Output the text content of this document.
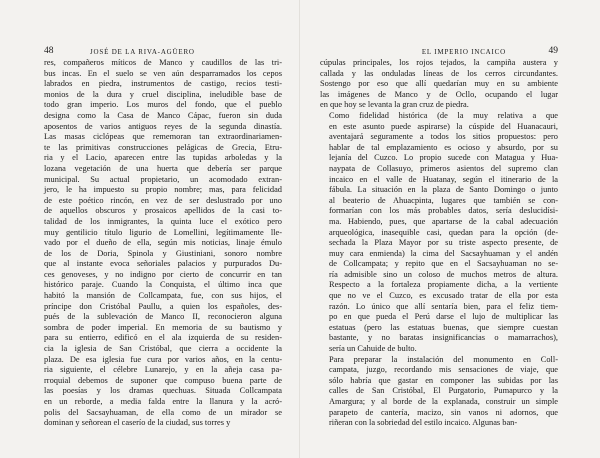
48	JOSÉ DE LA RIVA-AGÜERO

res, compañeros míticos de Manco y caudillos de las tri-
bus incas. En el suelo se ven aún desparramados los cepos
labrados en piedra, instrumentos de castigo, recios testi-
monios de la dura y cruel disciplina, ineludible base de
todo gran imperio. Los muros del fondo, que el pueblo
designa como la Casa de Manco Cápac, fueron sin duda
aposentos de varios antiguos reyes de la segunda dinastía.
Las masas ciclópeas que rememoran tan extraordinariamen-
te las primitivas construcciones pelágicas de Grecia, Etru-
ria y el Lacio, aparecen entre las tupidas arboledas y la
lozana vegetación de una huerta que debería ser parque
municipal. Su actual propietario, un acomodado extran-
jero, le ha impuesto su propio nombre; mas, para felicidad
de este poético rincón, en vez de ser deslustrado por uno
de aquellos obscuros y prosaicos apellidos de la casi to-
talidad de los inmigrantes, la quinta luce el exótico pero
muy gentilicio título ligurio de Lomellini, legítimamente lle-
vado por el dueño de ella, según mis noticias, linaje émulo
de los de Doria, Spinola y Giustiniani, sonoro nombre
que al instante evoca señoriales palacios y purpurados Du-
ces genoveses, y no indigno por cierto de concurrir en tan
histórico paraje. Cuando la Conquista, el último inca que
habitó la mansión de Collcampata, fue, con sus hijos, el
príncipe don Cristóbal Paullu, a quien los españoles, des-
pués de la sublevación de Manco II, reconocieron alguna
sombra de poder imperial. En memoria de su bautismo y
para su entierro, edificó en el ala izquierda de su residen-
cia la iglesia de San Cristóbal, que cierra a occidente la
plaza. De esa iglesia fue cura por varios años, en la centu-
ria siguiente, el célebre Lunarejo, y en la añeja casa pa-
rroquial debemos de suponer que compuso buena parte de
las poesías y los dramas quechuas. Situada Collcampata
en un reborde, a media falda entre la llanura y la acró-
polis del Sacsayhuaman, de ella como de un mirador se
dominan y señorean el caserío de la ciudad, sus torres y

EL IMPERIO INCAICO	49

cúpulas principales, los rojos tejados, la campiña austera y
callada y las onduladas líneas de los cerros circundantes.
Sostengo por eso que allí quedarían muy en su ambiente
las imágenes de Manco y de Ocllo, ocupando el lugar
en que hoy se levanta la gran cruz de piedra.

Como fidelidad histórica (de la muy relativa a que
en este asunto puede aspirarse) la cúspide del Huanacauri,
aventajará seguramente a todos los sitios propuestos: pero
hablar de tal emplazamiento es ocioso y absurdo, por su
lejanía del Cuzco. Lo propio sucede con Matagua y Hua-
naypata de Collasuyo, primeros asientos del supremo clan
incaico en el valle de Huatanay, según el itinerario de la
fábula. La situación en la plaza de Santo Domingo o junto
al beaterio de Ahuacpinta, lugares que también se con-
formarían con los más probables datos, sería deslucidísi-
ma. Habiendo, pues, que apartarse de la cabal adecuación
arqueológica, inasequible casi, quedan para la opción (de-
sechada la Plaza Mayor por su triste aspecto presente, de
muy cara enmienda) la cima del Sacsayhuaman y el andén
de Collcampata; y repito que en el Sacsayhuaman no se-
ría admisible sino un coloso de muchos metros de altura.
Respecto a la fortaleza propiamente dicha, a la vertiente
que no ve el Cuzco, es excusado tratar de ella por esta
razón. Lo único que allí sentaría bien, para el feliz tiem-
po en que pueda el Perú darse el lujo de multiplicar las
estatuas (pero las estatuas buenas, que siempre cuestan
bastante, y no baratas insignificancias o mamarrachos),
sería un Cahuide de bulto.

Para preparar la instalación del monumento en Coll-
campata, juzgo, recordando mis sensaciones de viaje, que
sólo habría que gastar en componer las subidas por las
calles de San Cristóbal, El Purgatorio, Pumapurco y la
Amargura; y al borde de la explanada, construir un simple
parapeto de cantería, macizo, sin vanos ni adornos, que
riñeran con la sobriedad del estilo incaico. Algunas ban-
